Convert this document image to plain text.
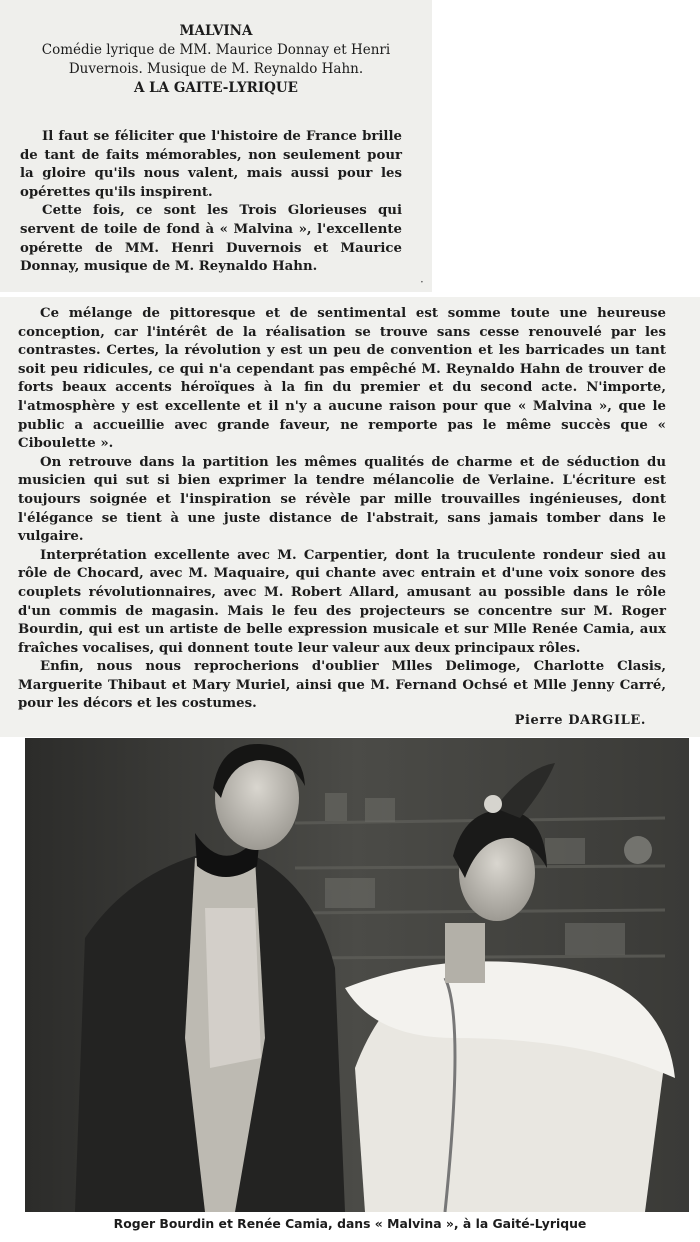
MALVINA
Comédie lyrique de MM. Maurice Donnay et Henri Duvernois. Musique de M. Reynaldo Hahn.
A LA GAITE-LYRIQUE

Il faut se féliciter que l'histoire de France brille de tant de faits mémorables, non seulement pour la gloire qu'ils nous valent, mais aussi pour les opérettes qu'ils inspirent.

Cette fois, ce sont les Trois Glorieuses qui servent de toile de fond à « Malvina », l'excellente opérette de MM. Henri Duvernois et Maurice Donnay, musique de M. Reynaldo Hahn.

·

Ce mélange de pittoresque et de sentimental est somme toute une heureuse conception, car l'intérêt de la réalisation se trouve sans cesse renouvelé par les contrastes. Certes, la révolution y est un peu de convention et les barricades un tant soit peu ridicules, ce qui n'a cependant pas empêché M. Reynaldo Hahn de trouver de forts beaux accents héroïques à la fin du premier et du second acte. N'importe, l'atmosphère y est excellente et il n'y a aucune raison pour que « Malvina », que le public a accueillie avec grande faveur, ne remporte pas le même succès que « Ciboulette ».

On retrouve dans la partition les mêmes qualités de charme et de séduction du musicien qui sut si bien exprimer la tendre mélancolie de Verlaine. L'écriture est toujours soignée et l'inspiration se révèle par mille trouvailles ingénieuses, dont l'élégance se tient à une juste distance de l'abstrait, sans jamais tomber dans le vulgaire.

Interprétation excellente avec M. Carpentier, dont la truculente rondeur sied au rôle de Chocard, avec M. Maquaire, qui chante avec entrain et d'une voix sonore des couplets révolutionnaires, avec M. Robert Allard, amusant au possible dans le rôle d'un commis de magasin. Mais le feu des projecteurs se concentre sur M. Roger Bourdin, qui est un artiste de belle expression musicale et sur Mlle Renée Camia, aux fraîches vocalises, qui donnent toute leur valeur aux deux principaux rôles.

Enfin, nous nous reprocherions d'oublier Mlles Delimoge, Charlotte Clasis, Marguerite Thibaut et Mary Muriel, ainsi que M. Fernand Ochsé et Mlle Jenny Carré, pour les décors et les costumes.

Pierre DARGILE.
Roger Bourdin et Renée Camia, dans « Malvina », à la Gaité-Lyrique
